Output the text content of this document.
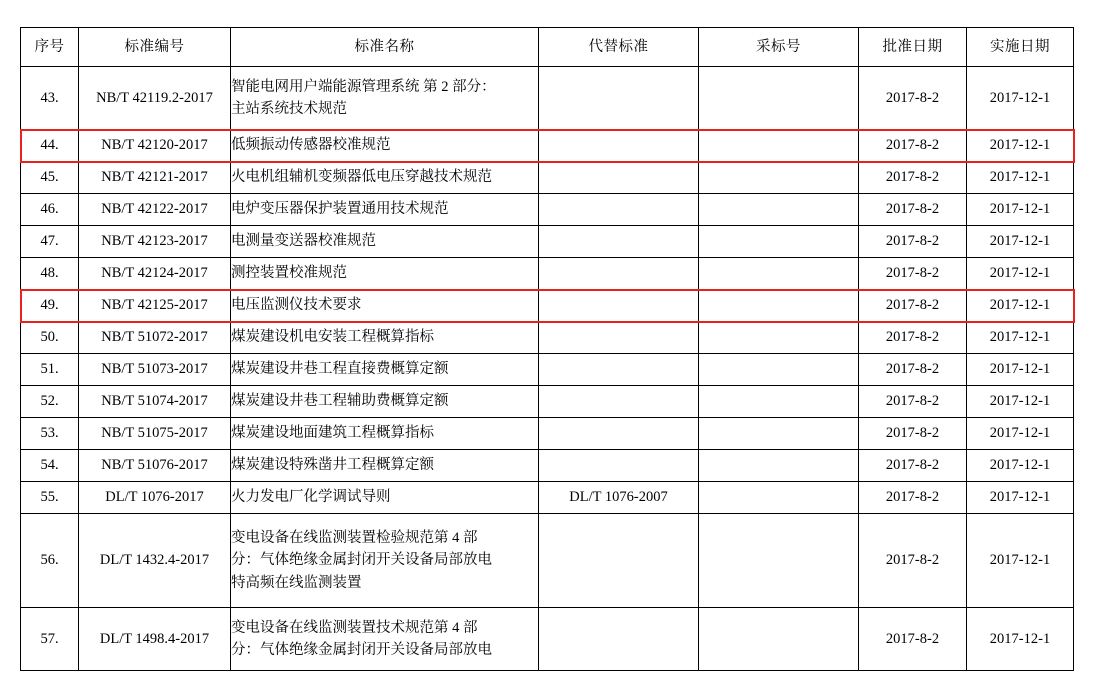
序号	标准编号	标准名称	代替标准	采标号	批准日期	实施日期
43.	NB/T 42119.2-2017	智能电网用户端能源管理系统 第 2 部分：
主站系统技术规范			2017-8-2	2017-12-1
44.	NB/T 42120-2017	低频振动传感器校准规范			2017-8-2	2017-12-1
45.	NB/T 42121-2017	火电机组辅机变频器低电压穿越技术规范			2017-8-2	2017-12-1
46.	NB/T 42122-2017	电炉变压器保护装置通用技术规范			2017-8-2	2017-12-1
47.	NB/T 42123-2017	电测量变送器校准规范			2017-8-2	2017-12-1
48.	NB/T 42124-2017	测控装置校准规范			2017-8-2	2017-12-1
49.	NB/T 42125-2017	电压监测仪技术要求			2017-8-2	2017-12-1
50.	NB/T 51072-2017	煤炭建设机电安装工程概算指标			2017-8-2	2017-12-1
51.	NB/T 51073-2017	煤炭建设井巷工程直接费概算定额			2017-8-2	2017-12-1
52.	NB/T 51074-2017	煤炭建设井巷工程辅助费概算定额			2017-8-2	2017-12-1
53.	NB/T 51075-2017	煤炭建设地面建筑工程概算指标			2017-8-2	2017-12-1
54.	NB/T 51076-2017	煤炭建设特殊凿井工程概算定额			2017-8-2	2017-12-1
55.	DL/T 1076-2017	火力发电厂化学调试导则	DL/T 1076-2007		2017-8-2	2017-12-1
56.	DL/T 1432.4-2017	变电设备在线监测装置检验规范第 4 部
分：气体绝缘金属封闭开关设备局部放电
特高频在线监测装置			2017-8-2	2017-12-1
57.	DL/T 1498.4-2017	变电设备在线监测装置技术规范第 4 部
分：气体绝缘金属封闭开关设备局部放电			2017-8-2	2017-12-1
